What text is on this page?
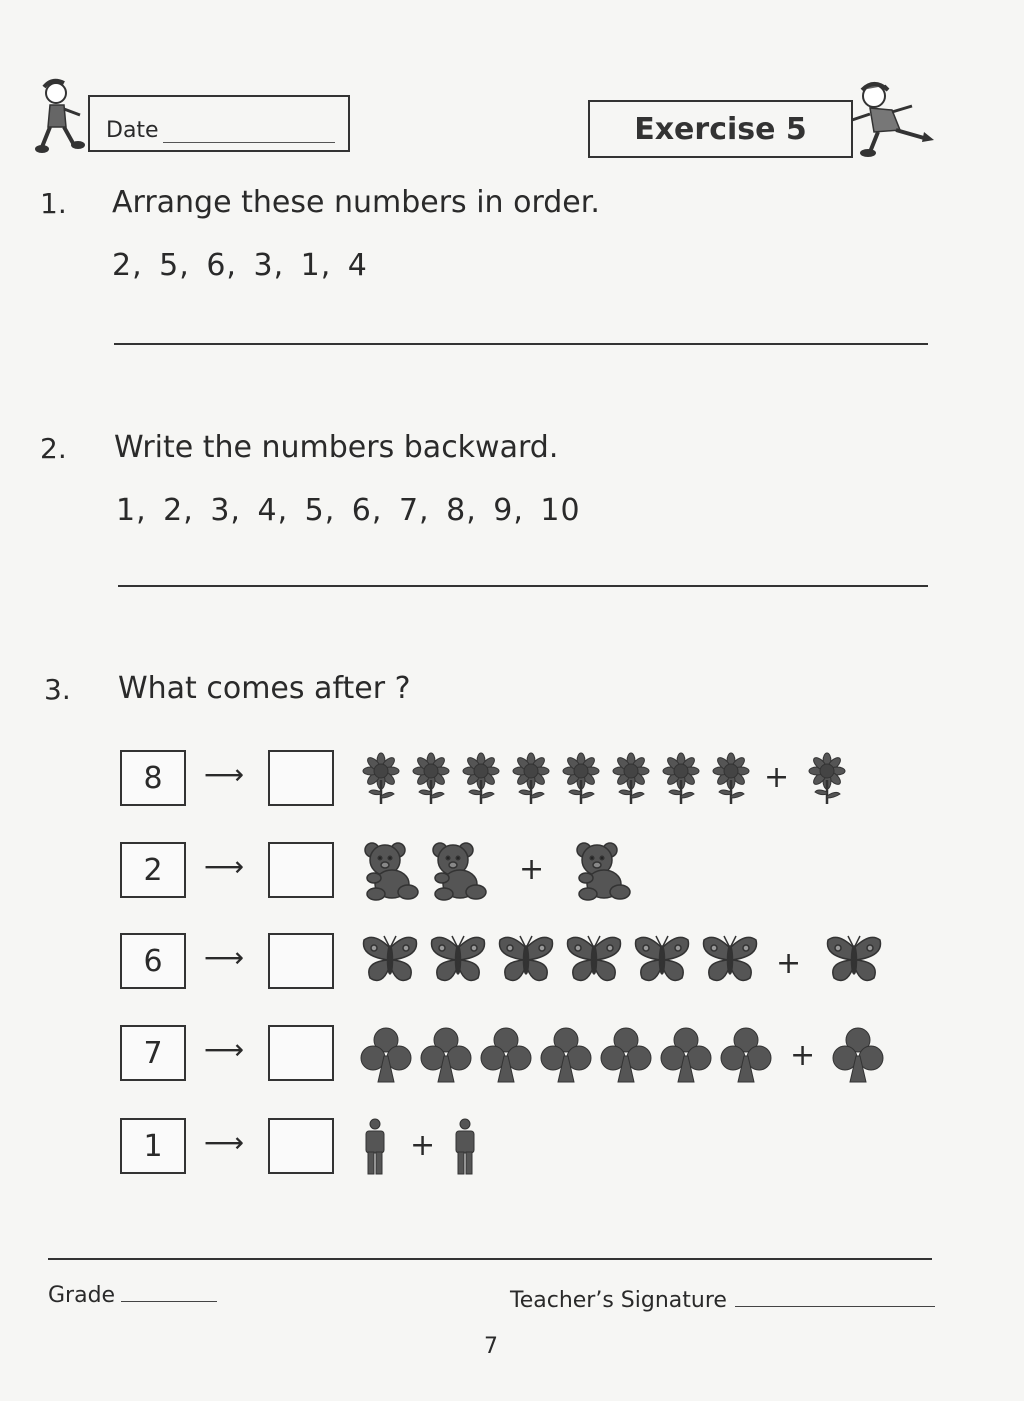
Date	Exercise 5
1. Arrange these numbers in order.
2, 5, 6, 3, 1, 4
2. Write the numbers backward.
1, 2, 3, 4, 5, 6, 7, 8, 9, 10
3. What comes after ?
8 ⟶	+
2 ⟶	+
6 ⟶	+
7 ⟶	+
1 ⟶	+
Grade	Teacher’s Signature
7
